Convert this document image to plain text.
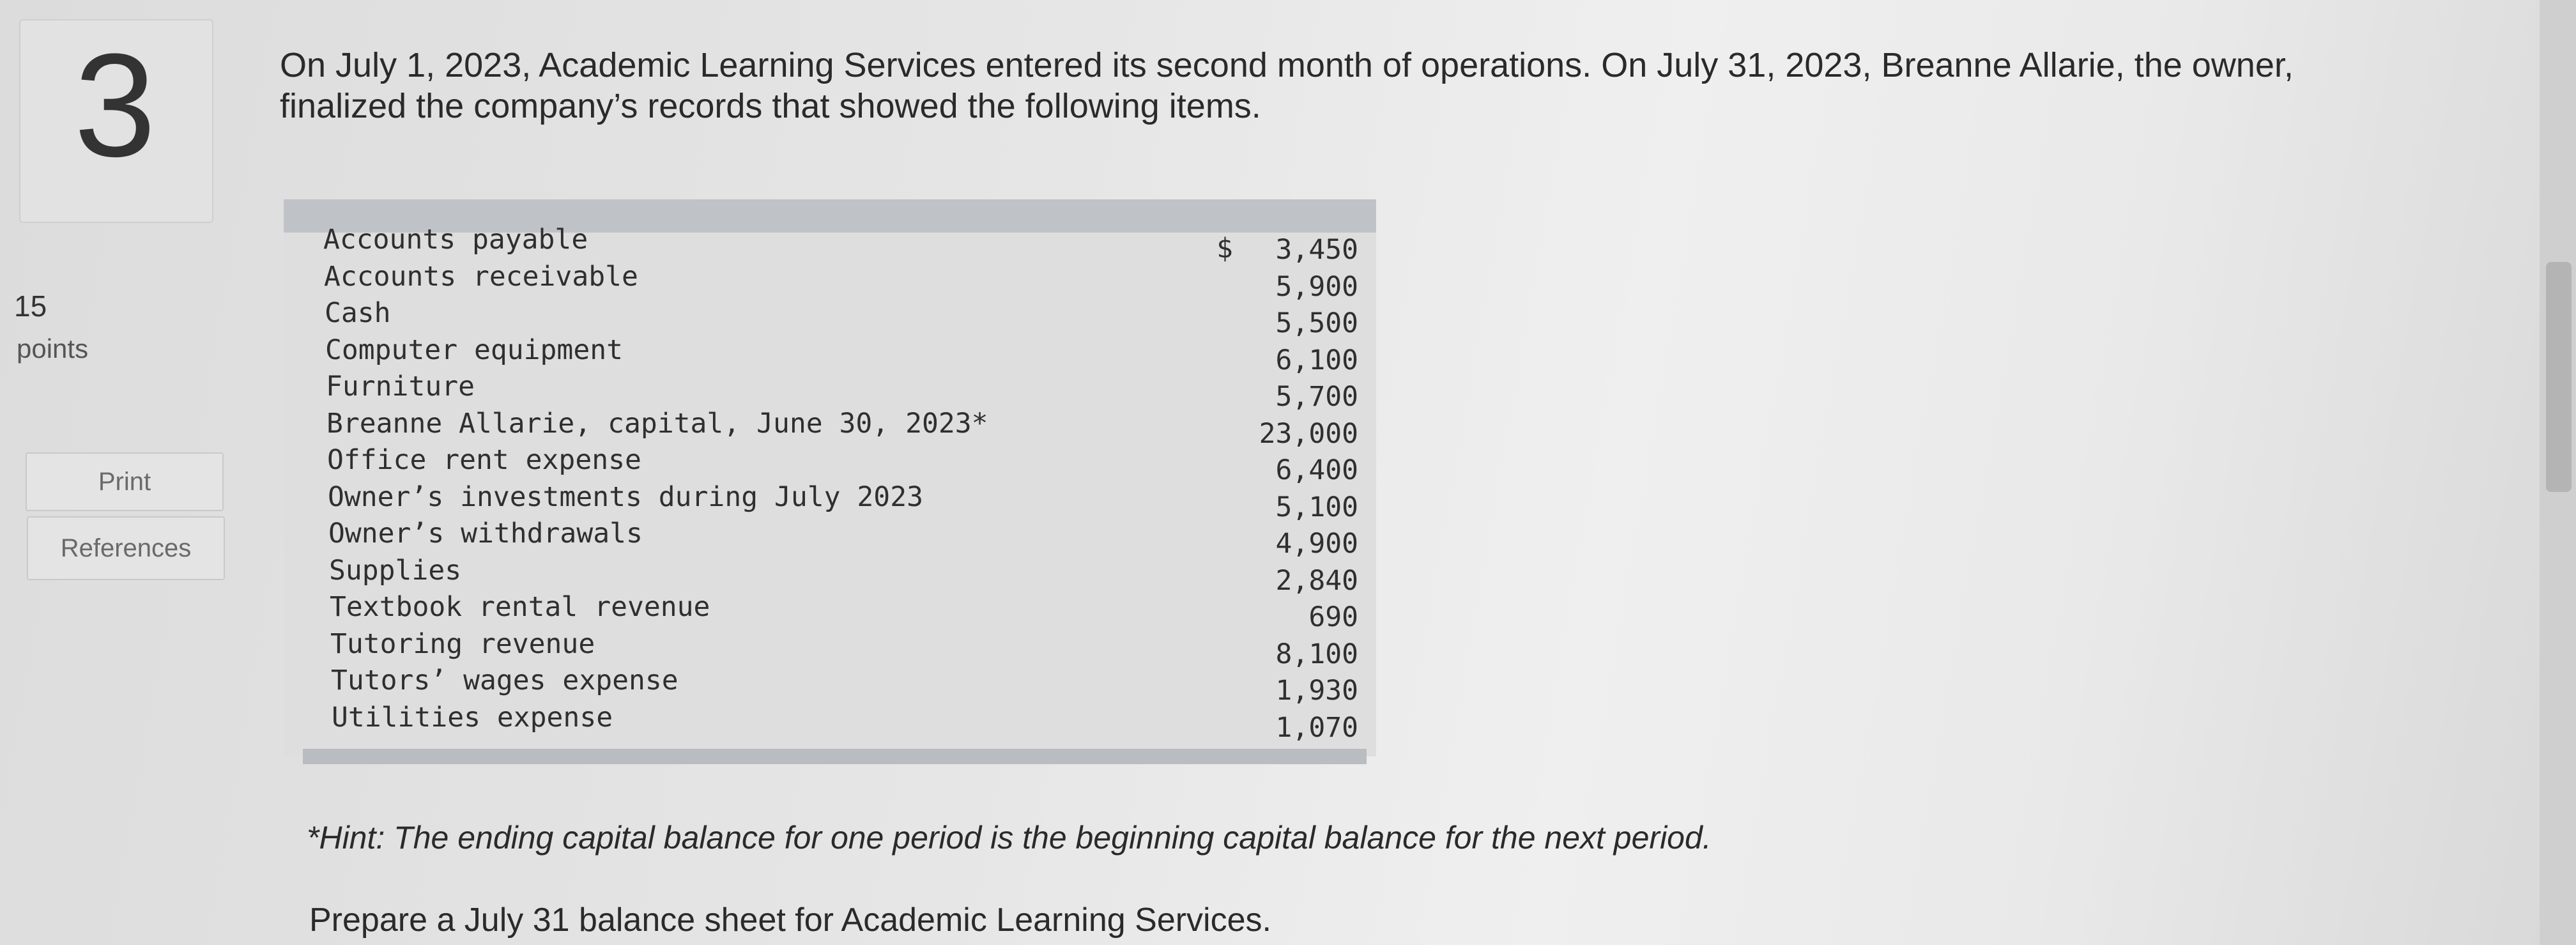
3
15
points
Print
References
On July 1, 2023, Academic Learning Services entered its second month of operations. On July 31, 2023, Breanne Allarie, the owner,
finalized the company’s records that showed the following items.
$
Accounts payable	3,450
Accounts receivable	5,900
Cash	5,500
Computer equipment	6,100
Furniture	5,700
Breanne Allarie, capital, June 30, 2023*	23,000
Office rent expense	6,400
Owner’s investments during July 2023	5,100
Owner’s withdrawals	4,900
Supplies	2,840
Textbook rental revenue	690
Tutoring revenue	8,100
Tutors’ wages expense	1,930
Utilities expense	1,070
*Hint: The ending capital balance for one period is the beginning capital balance for the next period.
Prepare a July 31 balance sheet for Academic Learning Services.
